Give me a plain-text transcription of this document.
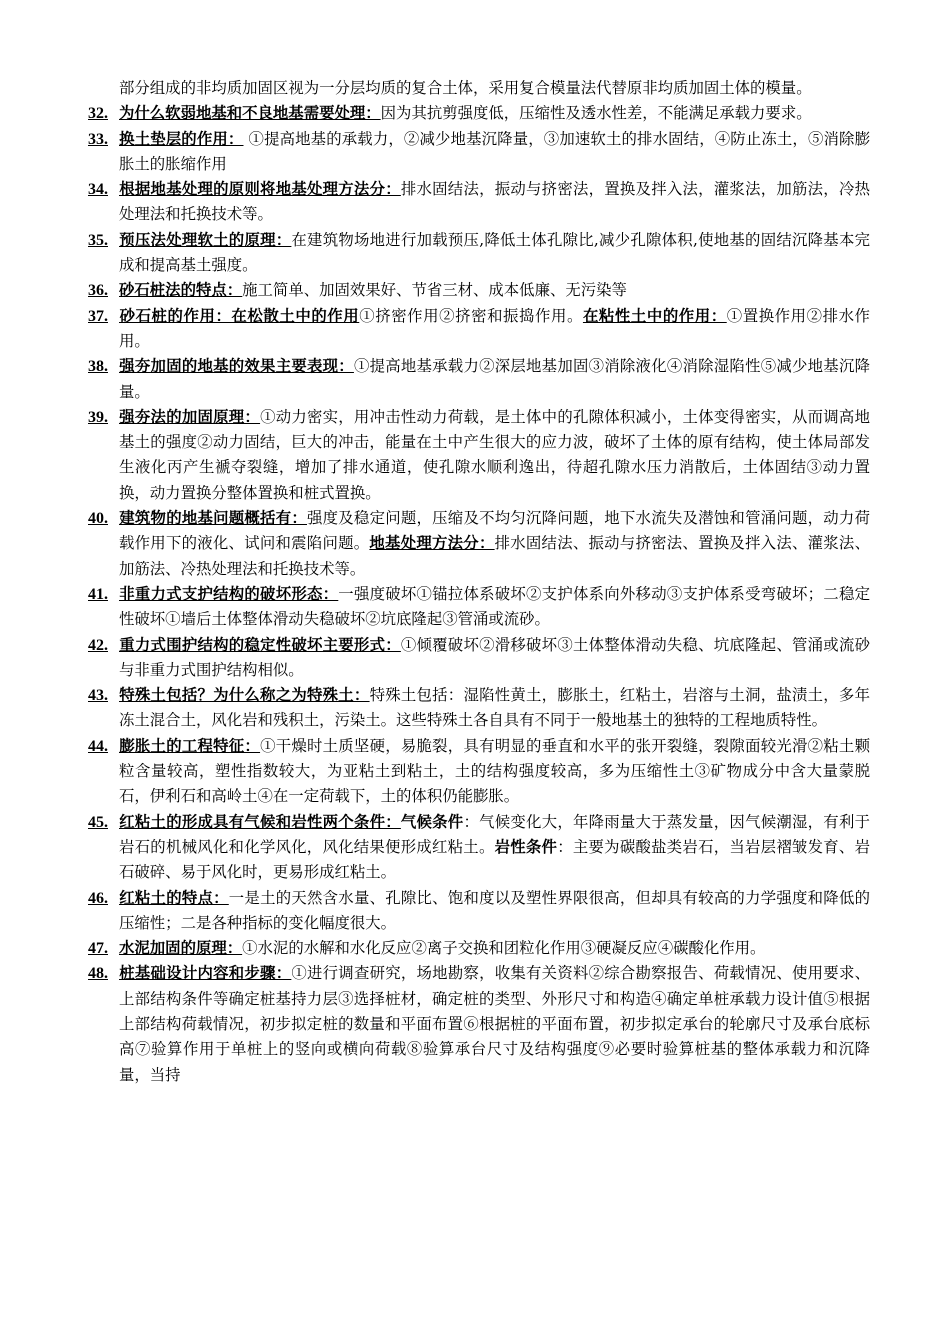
部分组成的非均质加固区视为一分层均质的复合土体，采用复合模量法代替原非均质加固土体的模量。

32. 为什么软弱地基和不良地基需要处理：因为其抗剪强度低，压缩性及透水性差，不能满足承载力要求。

33. 换土垫层的作用： ①提高地基的承载力，②减少地基沉降量，③加速软土的排水固结，④防止冻土，⑤消除膨胀土的胀缩作用

34. 根据地基处理的原则将地基处理方法分：排水固结法，振动与挤密法，置换及拌入法，灌浆法，加筋法，冷热处理法和托换技术等。

35. 预压法处理软土的原理：在建筑物场地进行加载预压,降低土体孔隙比,减少孔隙体积,使地基的固结沉降基本完成和提高基土强度。

36. 砂石桩法的特点：施工简单、加固效果好、节省三材、成本低廉、无污染等

37. 砂石桩的作用：在松散土中的作用①挤密作用②挤密和振捣作用。在粘性土中的作用：①置换作用②排水作用。

38. 强夯加固的地基的效果主要表现：①提高地基承载力②深层地基加固③消除液化④消除湿陷性⑤减少地基沉降量。

39. 强夯法的加固原理：①动力密实，用冲击性动力荷载，是土体中的孔隙体积减小，土体变得密实，从而调高地基土的强度②动力固结，巨大的冲击，能量在土中产生很大的应力波，破坏了土体的原有结构，使土体局部发生液化丙产生褫夺裂缝，增加了排水通道，使孔隙水顺利逸出，待超孔隙水压力消散后，土体固结③动力置换，动力置换分整体置换和桩式置换。

40. 建筑物的地基问题概括有：强度及稳定问题，压缩及不均匀沉降问题，地下水流失及潜蚀和管涌问题，动力荷载作用下的液化、试问和震陷问题。地基处理方法分：排水固结法、振动与挤密法、置换及拌入法、灌浆法、加筋法、冷热处理法和托换技术等。

41. 非重力式支护结构的破坏形态：一强度破坏①锚拉体系破坏②支护体系向外移动③支护体系受弯破坏；二稳定性破坏①墙后土体整体滑动失稳破坏②坑底隆起③管涌或流砂。

42. 重力式围护结构的稳定性破坏主要形式：①倾覆破坏②滑移破坏③土体整体滑动失稳、坑底隆起、管涌或流砂与非重力式围护结构相似。

43. 特殊土包括？为什么称之为特殊土：特殊土包括：湿陷性黄土，膨胀土，红粘土，岩溶与土洞，盐渍土，多年冻土混合土，风化岩和残积土，污染土。这些特殊土各自具有不同于一般地基土的独特的工程地质特性。

44. 膨胀土的工程特征：①干燥时土质坚硬，易脆裂，具有明显的垂直和水平的张开裂缝，裂隙面较光滑②粘土颗粒含量较高，塑性指数较大，为亚粘土到粘土，土的结构强度较高，多为压缩性土③矿物成分中含大量蒙脱石，伊利石和高岭土④在一定荷载下，土的体积仍能膨胀。

45. 红粘土的形成具有气候和岩性两个条件：气候条件：气候变化大，年降雨量大于蒸发量，因气候潮湿，有利于岩石的机械风化和化学风化，风化结果便形成红粘土。岩性条件：主要为碳酸盐类岩石，当岩层褶皱发育、岩石破碎、易于风化时，更易形成红粘土。

46. 红粘土的特点：一是土的天然含水量、孔隙比、饱和度以及塑性界限很高，但却具有较高的力学强度和降低的压缩性；二是各种指标的变化幅度很大。

47. 水泥加固的原理：①水泥的水解和水化反应②离子交换和团粒化作用③硬凝反应④碳酸化作用。

48. 桩基础设计内容和步骤：①进行调查研究，场地勘察，收集有关资料②综合勘察报告、荷载情况、使用要求、上部结构条件等确定桩基持力层③选择桩材，确定桩的类型、外形尺寸和构造④确定单桩承载力设计值⑤根据上部结构荷载情况，初步拟定桩的数量和平面布置⑥根据桩的平面布置，初步拟定承台的轮廓尺寸及承台底标高⑦验算作用于单桩上的竖向或横向荷载⑧验算承台尺寸及结构强度⑨必要时验算桩基的整体承载力和沉降量，当持
